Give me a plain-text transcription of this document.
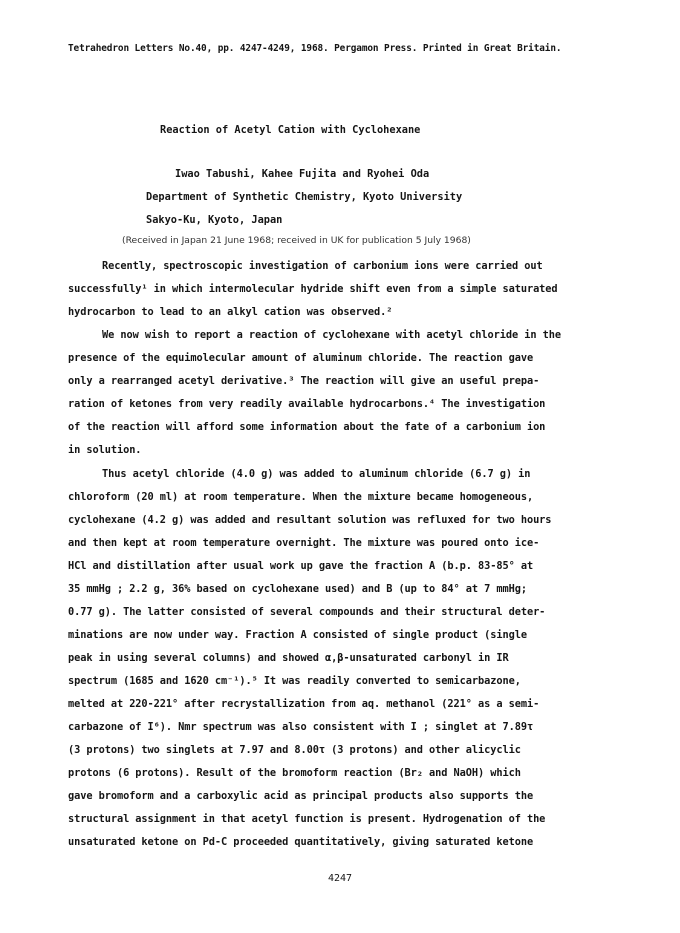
Tetrahedron Letters No.40, pp. 4247-4249, 1968. Pergamon Press. Printed in Great Britain.
Reaction of Acetyl Cation with Cyclohexane
Iwao Tabushi, Kahee Fujita and Ryohei Oda
Department of Synthetic Chemistry, Kyoto University
Sakyo-Ku, Kyoto, Japan
(Received in Japan 21 June 1968; received in UK for publication 5 July 1968)
Recently, spectroscopic investigation of carbonium ions were carried out
successfully¹ in which intermolecular hydride shift even from a simple saturated
hydrocarbon to lead to an alkyl cation was observed.²
We now wish to report a reaction of cyclohexane with acetyl chloride in the
presence of the equimolecular amount of aluminum chloride. The reaction gave
only a rearranged acetyl derivative.³ The reaction will give an useful prepa-
ration of ketones from very readily available hydrocarbons.⁴ The investigation
of the reaction will afford some information about the fate of a carbonium ion
in solution.
Thus acetyl chloride (4.0 g) was added to aluminum chloride (6.7 g) in
chloroform (20 ml) at room temperature. When the mixture became homogeneous,
cyclohexane (4.2 g) was added and resultant solution was refluxed for two hours
and then kept at room temperature overnight. The mixture was poured onto ice-
HCl and distillation after usual work up gave the fraction A (b.p. 83-85° at
35 mmHg ; 2.2 g, 36% based on cyclohexane used) and B (up to 84° at 7 mmHg;
0.77 g). The latter consisted of several compounds and their structural deter-
minations are now under way. Fraction A consisted of single product (single
peak in using several columns) and showed α,β-unsaturated carbonyl in IR
spectrum (1685 and 1620 cm⁻¹).⁵ It was readily converted to semicarbazone,
melted at 220-221° after recrystallization from aq. methanol (221° as a semi-
carbazone of I⁶). Nmr spectrum was also consistent with I ; singlet at 7.89τ
(3 protons) two singlets at 7.97 and 8.00τ (3 protons) and other alicyclic
protons (6 protons). Result of the bromoform reaction (Br₂ and NaOH) which
gave bromoform and a carboxylic acid as principal products also supports the
structural assignment in that acetyl function is present. Hydrogenation of the
unsaturated ketone on Pd-C proceeded quantitatively, giving saturated ketone
4247
